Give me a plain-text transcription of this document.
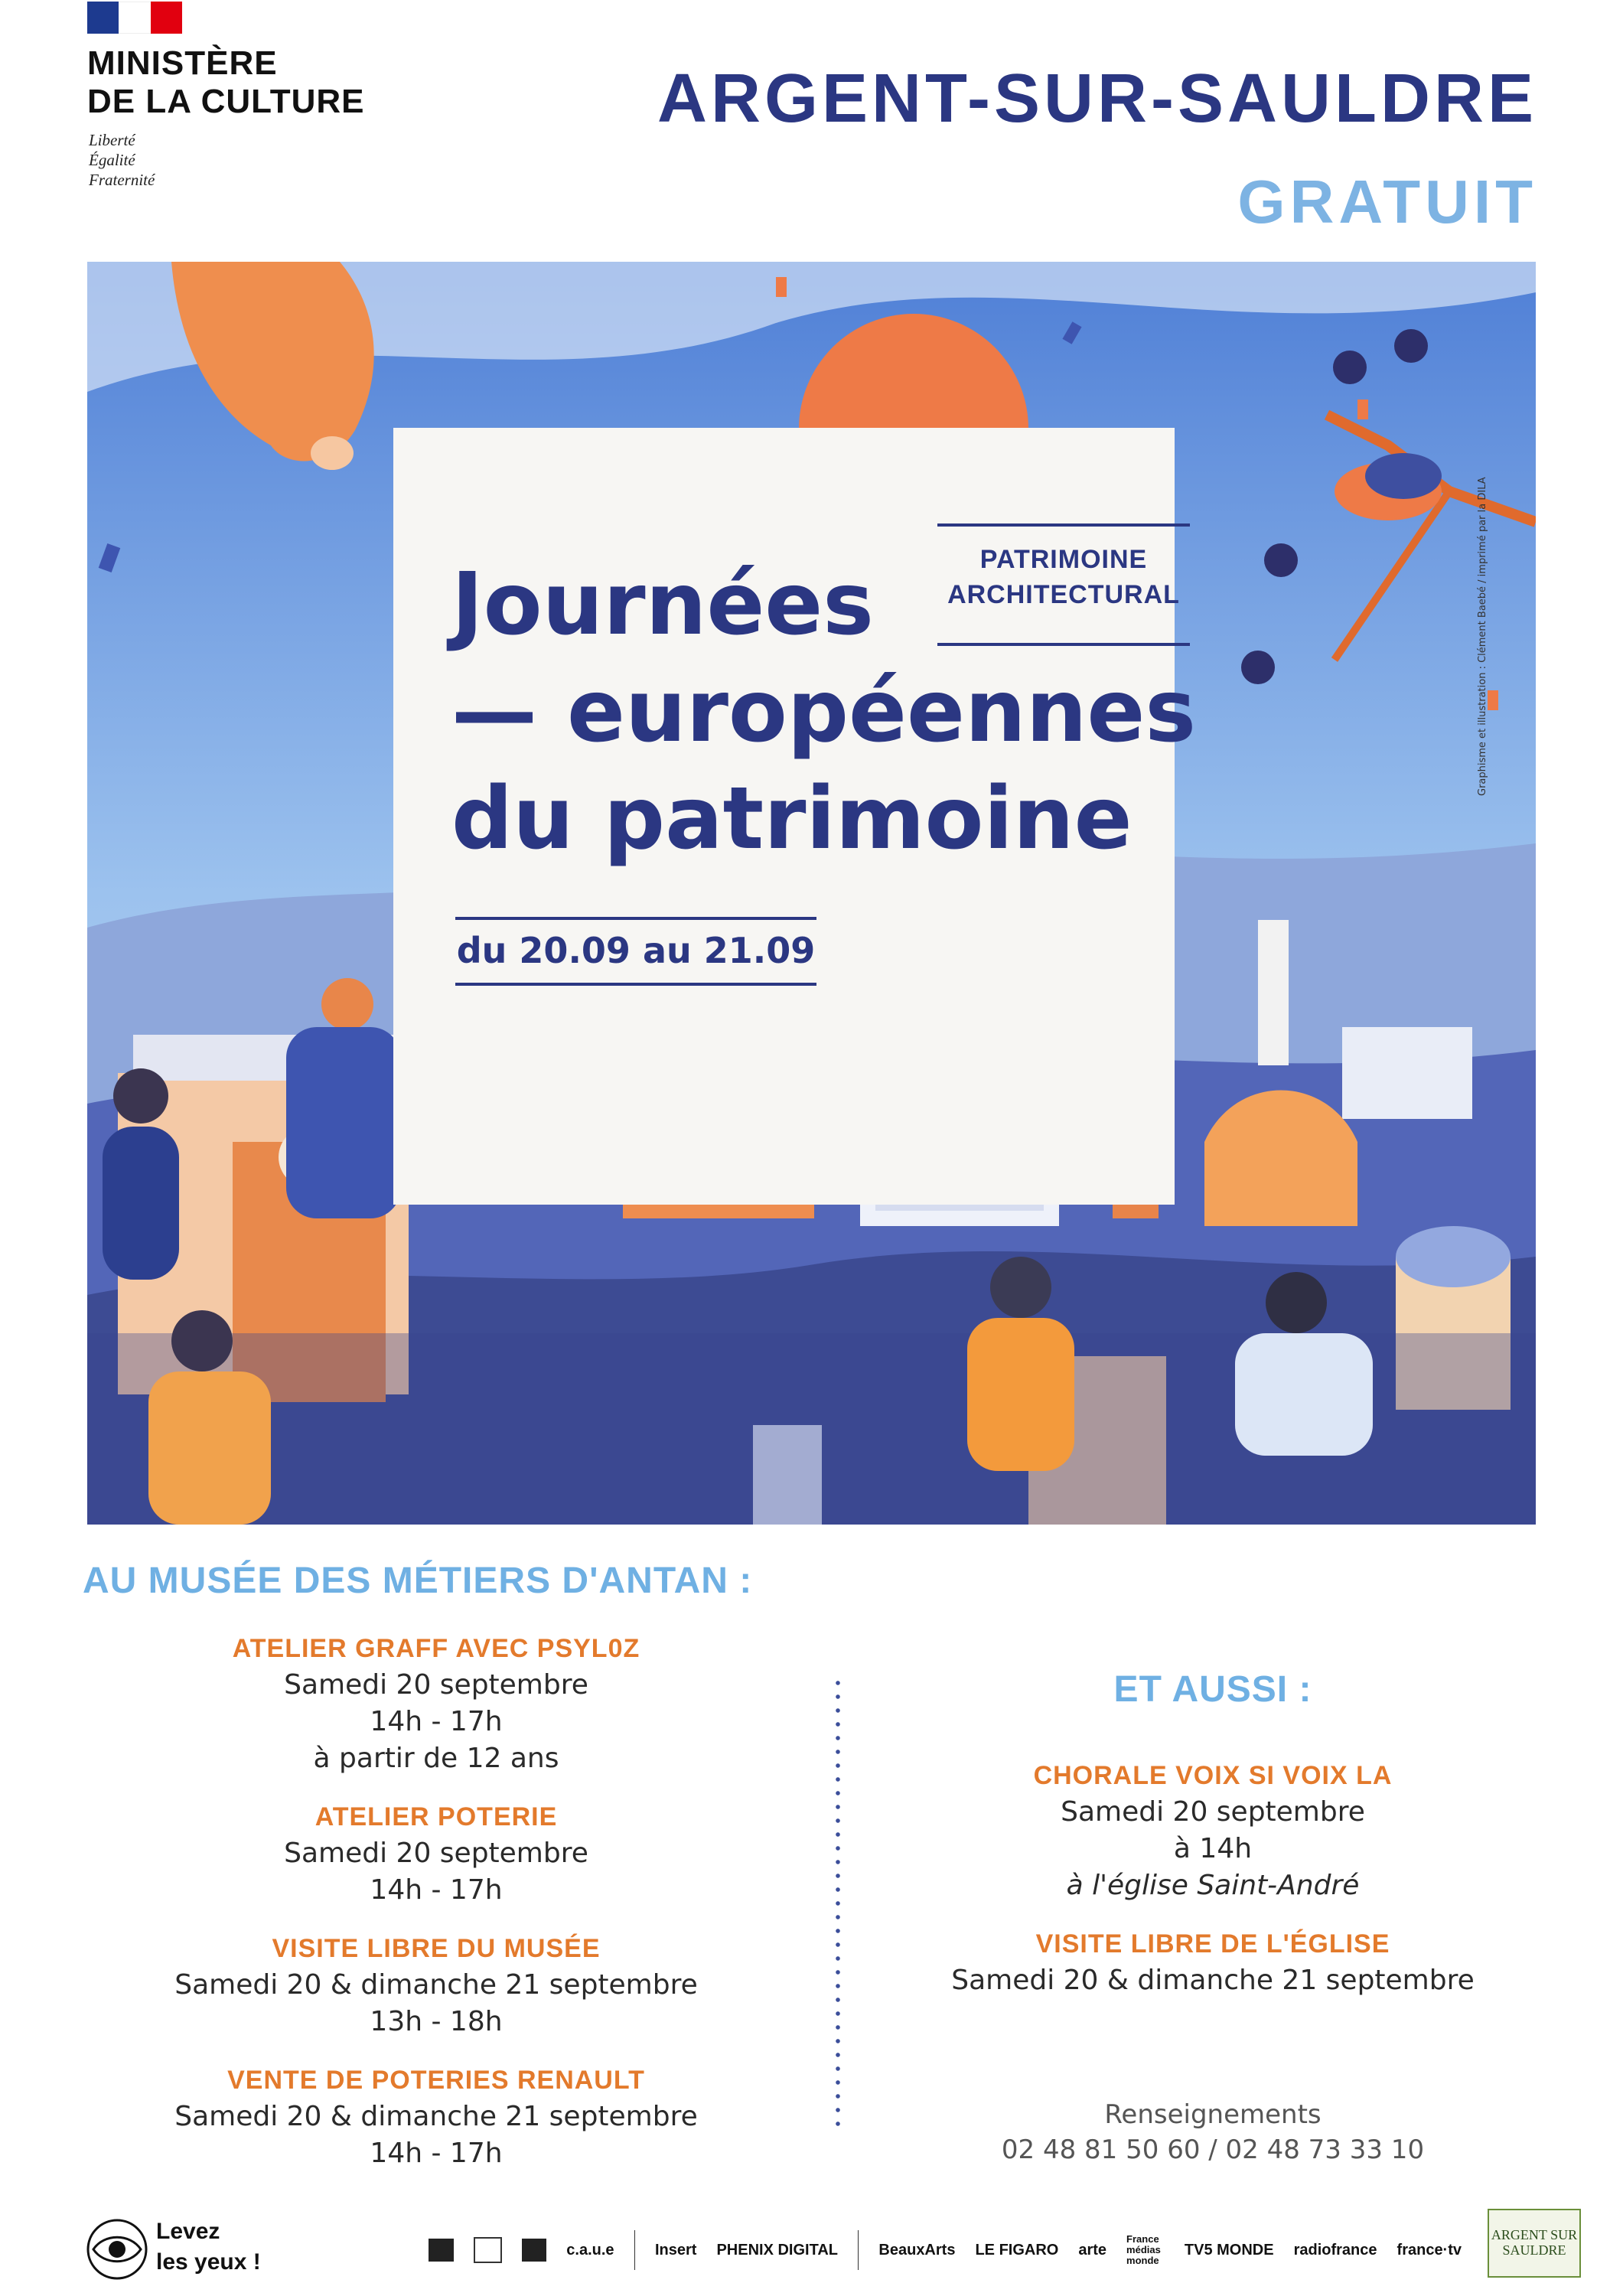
MINISTÈRE
DE LA CULTURE
Liberté
Égalité
Fraternité
ARGENT-SUR-SAULDRE
GRATUIT
PATRIMOINE
ARCHITECTURAL
Journées
— européennes
du patrimoine
du 20.09 au 21.09
Graphisme et illustration : Clément Baebé / imprimé par la DILA
AU MUSÉE DES MÉTIERS D'ANTAN :
ATELIER GRAFF AVEC PSYL0Z
Samedi 20 septembre
14h - 17h
à partir de 12 ans
ATELIER POTERIE
Samedi 20 septembre
14h - 17h
VISITE LIBRE DU MUSÉE
Samedi 20 & dimanche 21 septembre
13h - 18h
VENTE DE POTERIES RENAULT
Samedi 20 & dimanche 21 septembre
14h - 17h
ET AUSSI :
CHORALE VOIX SI VOIX LA
Samedi 20 septembre
à 14h
à l'église Saint-André
VISITE LIBRE DE L'ÉGLISE
Samedi 20 & dimanche 21 septembre
Renseignements
02 48 81 50 60 / 02 48 73 33 10
Levez
les yeux !	c.a.u.e	Insert PHENIX DIGITAL	BeauxArts LE FIGARO arte
France médias monde
TV5 MONDE radiofrance france·tv
ARGENT SUR SAULDRE
